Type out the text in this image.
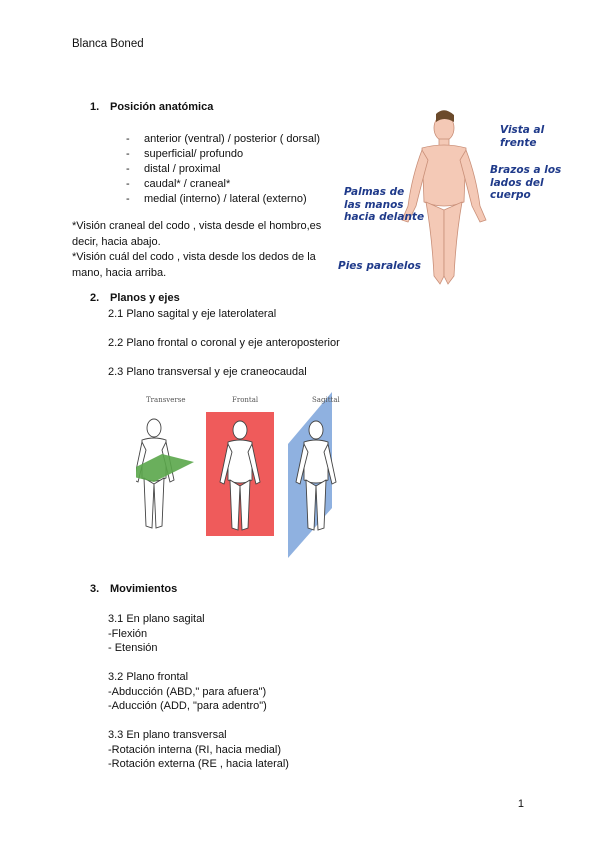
Blanca Boned
1. Posición anatómica
- anterior (ventral) / posterior ( dorsal)
- superficial/ profundo
- distal / proximal
- caudal* / craneal*
- medial (interno) / lateral (externo)
*Visión craneal del codo , vista desde el hombro,es
decir, hacia abajo.
*Visión cuál del codo , vista desde los dedos de la
mano, hacia arriba.
Vista al frente
Brazos a los
lados del cuerpo
Palmas de
las manos
hacia delante
Pies paralelos
2. Planos y ejes
2.1 Plano sagital y eje laterolateral
2.2 Plano frontal o coronal y eje anteroposterior
2.3 Plano transversal y eje craneocaudal
Transverse	Frontal	Sagittal
3. Movimientos
3.1 En plano sagital
-Flexión
- Etensión
3.2 Plano frontal
-Abducción (ABD," para afuera")
-Aducción (ADD, "para adentro")
3.3 En plano transversal
-Rotación interna (RI, hacia medial)
-Rotación externa (RE , hacia lateral)
1
